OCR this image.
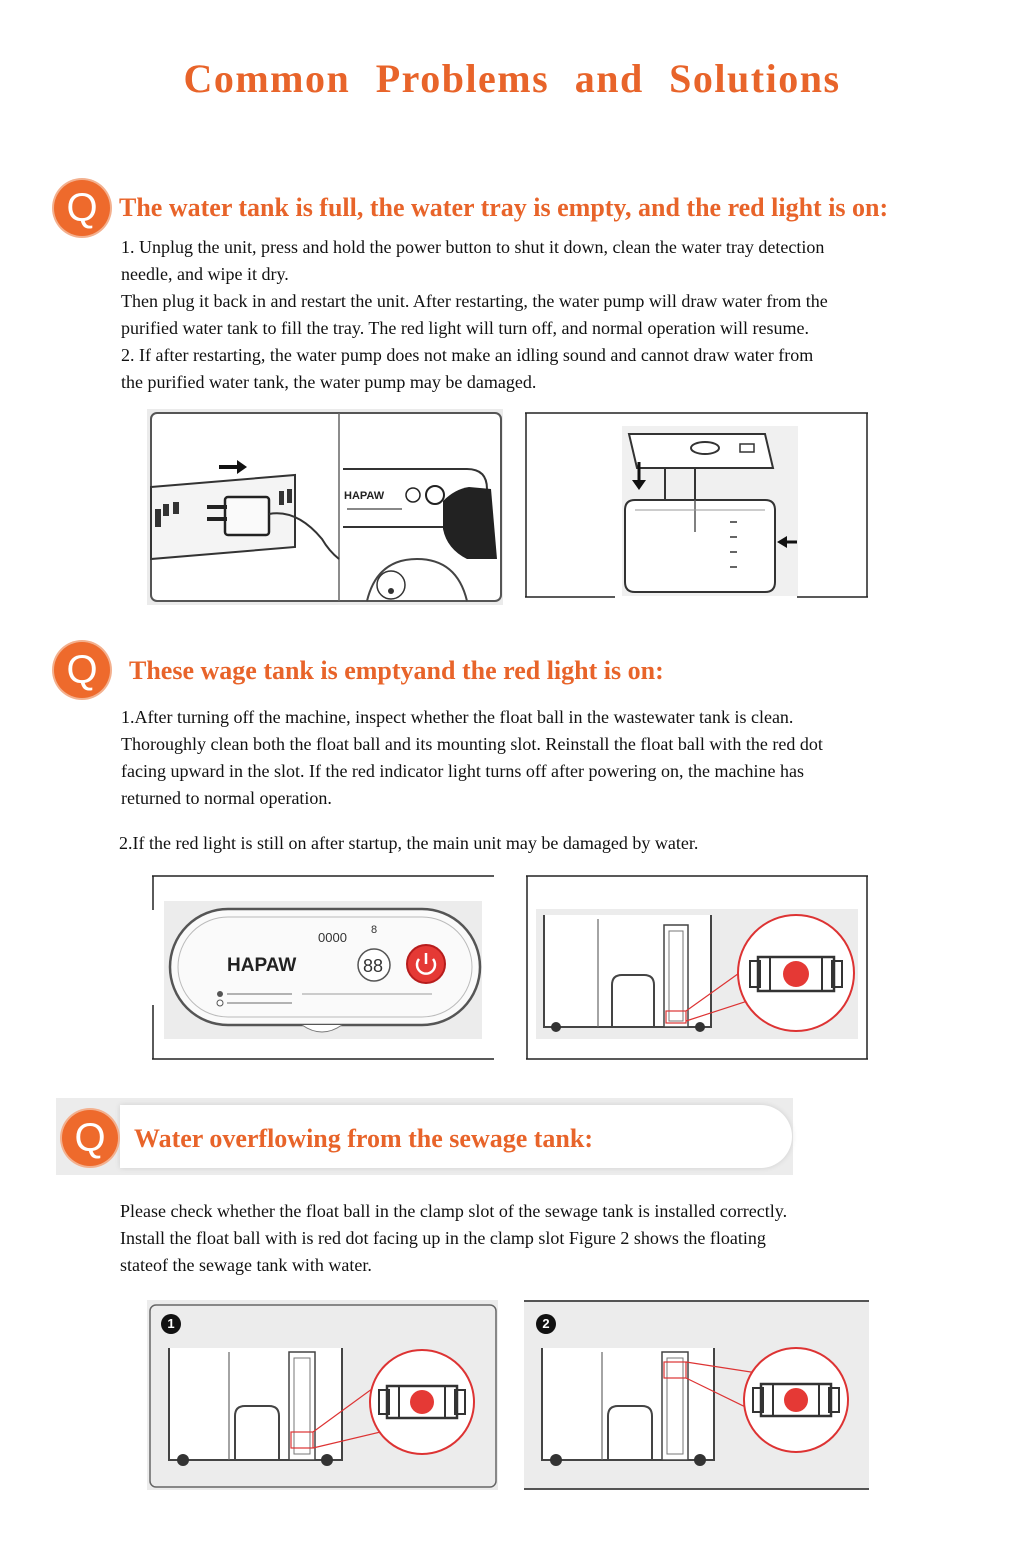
Common Problems and Solutions
Q The water tank is full, the water tray is empty, and the red light is on:
1. Unplug the unit, press and hold the power button to shut it down, clean the water tray detection
needle, and wipe it dry.
Then plug it back in and restart the unit. After restarting, the water pump will draw water from the
purified water tank to fill the tray. The red light will turn off, and normal operation will resume.
2. If after restarting, the water pump does not make an idling sound and cannot draw water from
the purified water tank, the water pump may be damaged.
HAPAW
Q	These wage tank is emptyand the red light is on:
1.After turning off the machine, inspect whether the float ball in the wastewater tank is clean.
Thoroughly clean both the float ball and its mounting slot. Reinstall the float ball with the red dot
facing upward in the slot. If the red indicator light turns off after powering on, the machine has
returned to normal operation.
2.If the red light is still on after startup, the main unit may be damaged by water.
0000 8
HAPAW	88
Q	Water overflowing from the sewage tank:
Please check whether the float ball in the clamp slot of the sewage tank is installed correctly.
Install the float ball with is red dot facing up in the clamp slot Figure 2 shows the floating
stateof the sewage tank with water.
1	2
